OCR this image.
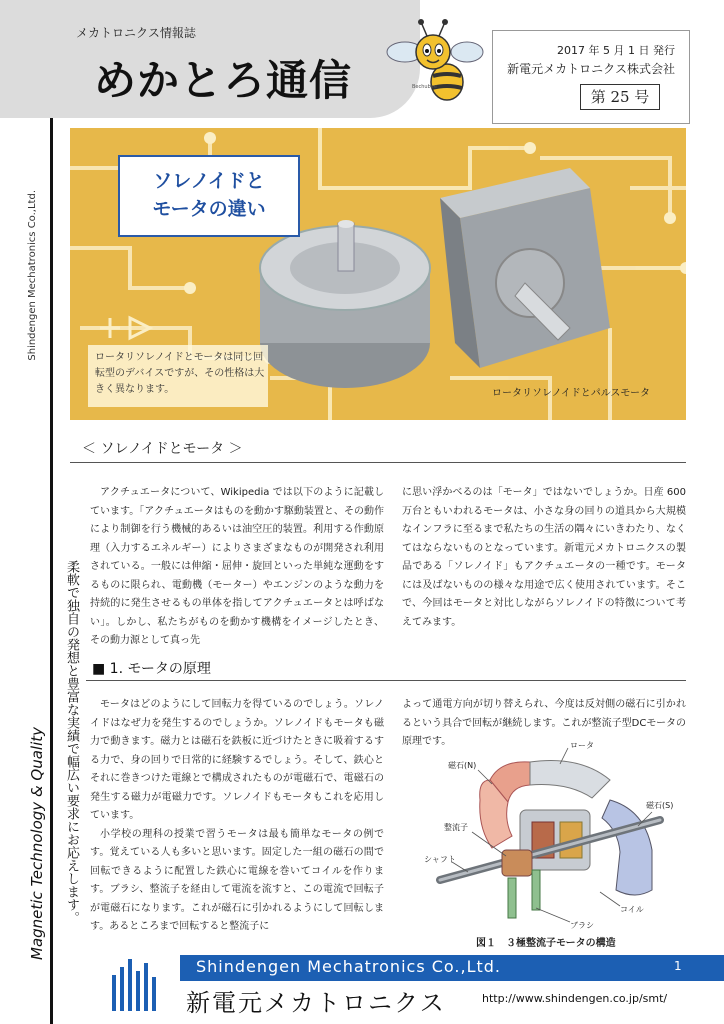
メカトロニクス情報誌
めかとろ通信	Bechubee
2017 年 5 月 1 日 発行
新電元メカトロニクス株式会社
第 25 号
Shindengen Mechatronics Co.,Ltd.
Magnetic Technology & Quality 柔軟で独自の発想と豊富な実績で幅広い要求にお応えします。
ソレノイドと
モータの違い
ロータリソレノイドとモータは同じ回転型のデバイスですが、その性格は大きく異なります。	ロータリソレノイドとパルスモータ
＜ ソレノイドとモータ ＞
アクチュエータについて、Wikipedia では以下のように記載しています。｢アクチュエータはものを動かす駆動装置と、その動作により制御を行う機械的あるいは油空圧的装置。利用する作動原理（入力するエネルギー）によりさまざまなものが開発され利用されている。一般には伸縮・屈伸・旋回といった単純な運動をするものに限られ、電動機（モーター）やエンジンのような動力を持続的に発生させるもの単体を指してアクチュエータとは呼ばない｣。しかし、私たちがものを動かす機構をイメージしたとき、その動力源として真っ先
に思い浮かべるのは「モータ」ではないでしょうか。日産 600 万台ともいわれるモータは、小さな身の回りの道具から大規模なインフラに至るまで私たちの生活の隅々にいきわたり、なくてはならないものとなっています。新電元メカトロニクスの製品である「ソレノイド」もアクチュエータの一種です。モータには及ばないものの様々な用途で広く使用されています。そこで、今回はモータと対比しながらソレノイドの特徴について考えてみます。
■ 1. モータの原理

モータはどのようにして回転力を得ているのでしょう。ソレノイドはなぜ力を発生するのでしょうか。ソレノイドもモータも磁力で動きます。磁力とは磁石を鉄板に近づけたときに吸着するする力で、身の回りで日常的に経験するでしょう。そして、鉄心とそれに巻きつけた電線とで構成されたものが電磁石で、電磁石の発生する磁力が電磁力です。ソレノイドもモータもこれを応用しています。

小学校の理科の授業で習うモータは最も簡単なモータの例です。覚えている人も多いと思います。固定した一組の磁石の間で回転できるように配置した鉄心に電線を巻いてコイルを作ります。ブラシ、整流子を経由して電流を流すと、この電流で回転子が電磁石になります。これが磁石に引かれるようにして回転します。あるところまで回転すると整流子に

よって通電方向が切り替えられ、今度は反対側の磁石に引かれるという具合で回転が継続します。これが整流子型DCモータの原理です。	ロータ
磁石(N)
磁石(S)
整流子
シャフト
コイル
ブラシ
図１　３極整流子モータの構造
Shindengen Mechatronics Co.,Ltd.	1
新電元メカトロニクス	http://www.shindengen.co.jp/smt/
